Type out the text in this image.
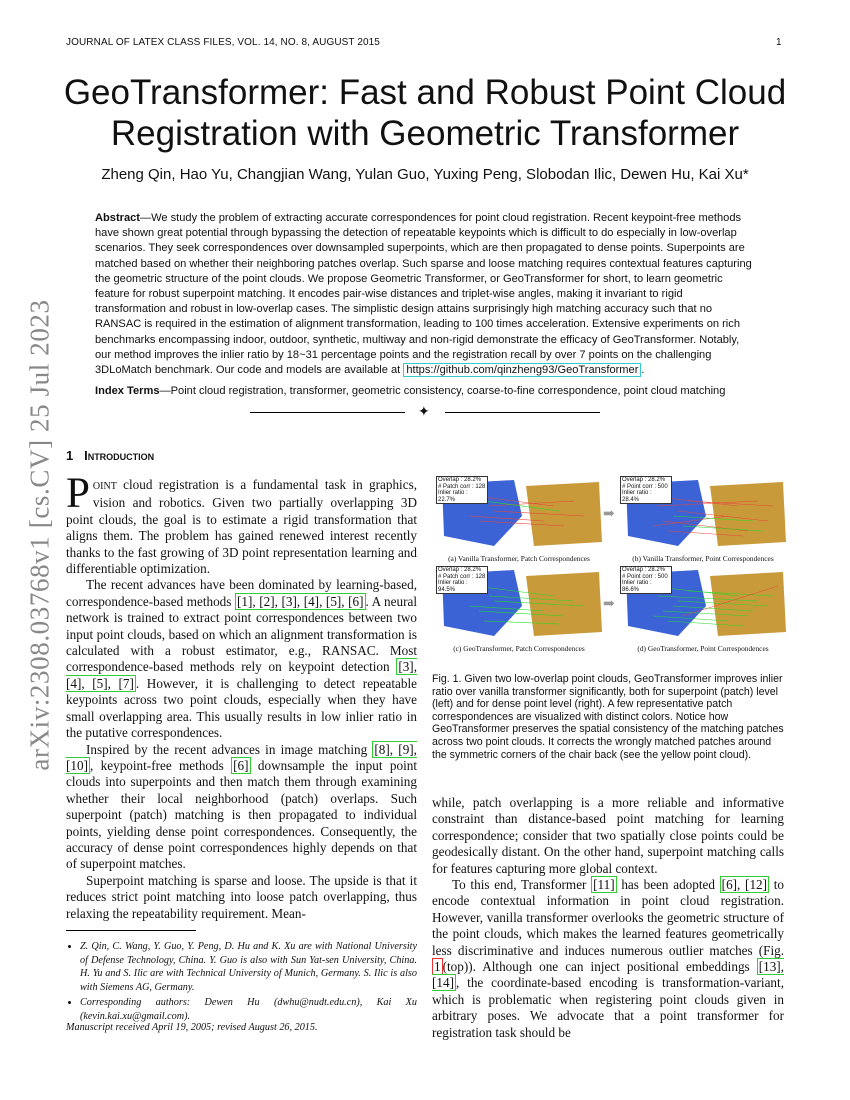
JOURNAL OF LATEX CLASS FILES, VOL. 14, NO. 8, AUGUST 2015	1
GeoTransformer: Fast and Robust Point Cloud Registration with Geometric Transformer
Zheng Qin, Hao Yu, Changjian Wang, Yulan Guo, Yuxing Peng, Slobodan Ilic, Dewen Hu, Kai Xu*
Abstract—We study the problem of extracting accurate correspondences for point cloud registration. Recent keypoint-free methods have shown great potential through bypassing the detection of repeatable keypoints which is difficult to do especially in low-overlap scenarios. They seek correspondences over downsampled superpoints, which are then propagated to dense points. Superpoints are matched based on whether their neighboring patches overlap. Such sparse and loose matching requires contextual features capturing the geometric structure of the point clouds. We propose Geometric Transformer, or GeoTransformer for short, to learn geometric feature for robust superpoint matching. It encodes pair-wise distances and triplet-wise angles, making it invariant to rigid transformation and robust in low-overlap cases. The simplistic design attains surprisingly high matching accuracy such that no RANSAC is required in the estimation of alignment transformation, leading to 100 times acceleration. Extensive experiments on rich benchmarks encompassing indoor, outdoor, synthetic, multiway and non-rigid demonstrate the efficacy of GeoTransformer. Notably, our method improves the inlier ratio by 18~31 percentage points and the registration recall by over 7 points on the challenging 3DLoMatch benchmark. Our code and models are available at https://github.com/qinzheng93/GeoTransformer .
Index Terms—Point cloud registration, transformer, geometric consistency, coarse-to-fine correspondence, point cloud matching
✦
arXiv:2308.03768v1 [cs.CV] 25 Jul 2023 1 Introduction

POINT cloud registration is a fundamental task in graphics, vision and robotics. Given two partially overlapping 3D point clouds, the goal is to estimate a rigid transformation that aligns them. The problem has gained renewed interest recently thanks to the fast growing of 3D point representation learning and differentiable optimization.

The recent advances have been dominated by learning-based, correspondence-based methods [1], [2], [3], [4], [5], [6] . A neural network is trained to extract point correspondences between two input point clouds, based on which an alignment transformation is calculated with a robust estimator, e.g., RANSAC. Most correspondence-based methods rely on keypoint detection [3], [4], [5], [7] . However, it is challenging to detect repeatable keypoints across two point clouds, especially when they have small overlapping area. This usually results in low inlier ratio in the putative correspondences.

Inspired by the recent advances in image matching [8], [9], [10] , keypoint-free methods [6] downsample the input point clouds into superpoints and then match them through examining whether their local neighborhood (patch) overlaps. Such superpoint (patch) matching is then propagated to individual points, yielding dense point correspondences. Consequently, the accuracy of dense point correspondences highly depends on that of superpoint matches.

Superpoint matching is sparse and loose. The upside is that it reduces strict point matching into loose patch overlapping, thus relaxing the repeatability requirement. Mean-

• Z. Qin, C. Wang, Y. Guo, Y. Peng, D. Hu and K. Xu are with National University of Defense Technology, China. Y. Guo is also with Sun Yat-sen University, China. H. Yu and S. Ilic are with Technical University of Munich, Germany. S. Ilic is also with Siemens AG, Germany.
• Corresponding authors: Dewen Hu (dwhu@nudt.edu.cn), Kai Xu (kevin.kai.xu@gmail.com).
Manuscript received April 19, 2005; revised August 26, 2015.
Overlap : 28.2%
# Patch corr : 128
Inlier ratio : 22.7%
(a) Vanilla Transformer, Patch Correspondences
➡
Overlap : 28.2%
# Point corr : 500
Inlier ratio : 28.4%
(b) Vanilla Transformer, Point Correspondences
Overlap : 28.2%
# Patch corr : 128
Inlier ratio : 94.5%
(c) GeoTransformer, Patch Correspondences
➡
Overlap : 28.2%
# Point corr : 500
Inlier ratio : 86.6%
(d) GeoTransformer, Point Correspondences
Fig. 1. Given two low-overlap point clouds, GeoTransformer improves inlier ratio over vanilla transformer significantly, both for superpoint (patch) level (left) and for dense point level (right). A few representative patch correspondences are visualized with distinct colors. Notice how GeoTransformer preserves the spatial consistency of the matching patches across two point clouds. It corrects the wrongly matched patches around the symmetric corners of the chair back (see the yellow point cloud).

while, patch overlapping is a more reliable and informative constraint than distance-based point matching for learning correspondence; consider that two spatially close points could be geodesically distant. On the other hand, superpoint matching calls for features capturing more global context.

To this end, Transformer [11] has been adopted [6], [12] to encode contextual information in point cloud registration. However, vanilla transformer overlooks the geometric structure of the point clouds, which makes the learned features geometrically less discriminative and induces numerous outlier matches (Fig. 1 (top)). Although one can inject positional embeddings [13], [14] , the coordinate-based encoding is transformation-variant, which is problematic when registering point clouds given in arbitrary poses. We advocate that a point transformer for registration task should be
